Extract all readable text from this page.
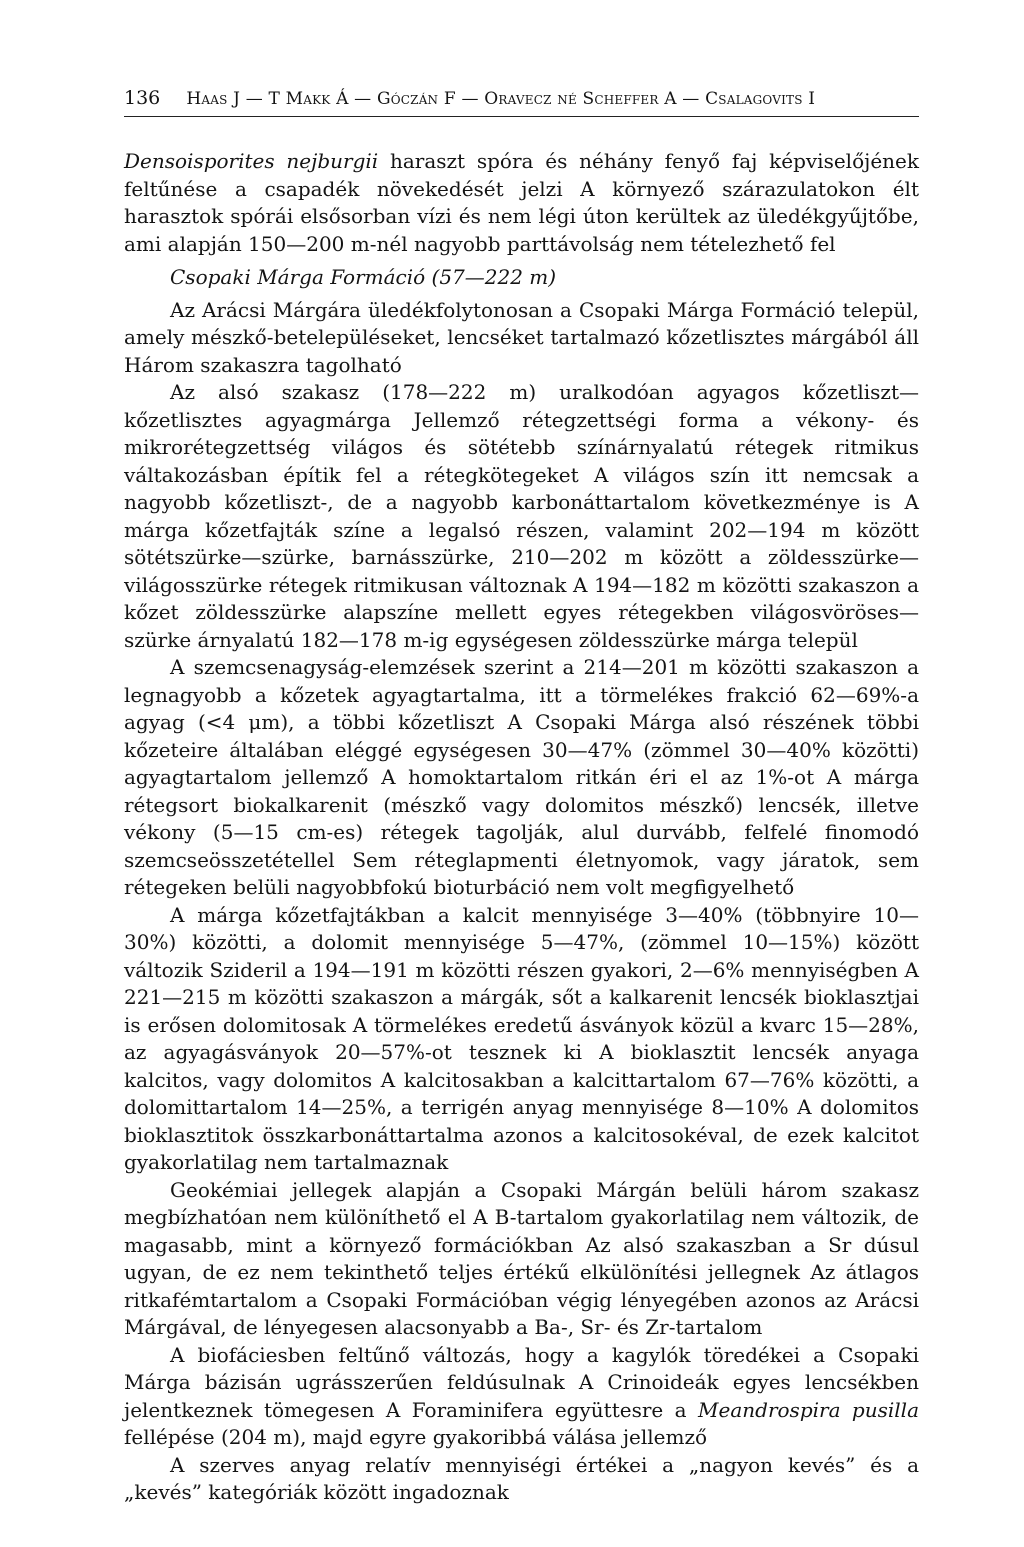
136 Haas J — T Makk Á — Góczán F — Oravecz né Scheffer A — Csalagovits I

Densoisporites nejburgii haraszt spóra és néhány fenyő faj képviselőjének feltűnése a csapadék növekedését jelzi A környező szárazulatokon élt harasztok spórái elsősorban vízi és nem légi úton kerültek az üledékgyűjtőbe, ami alapján 150—200 m-nél nagyobb parttávolság nem tételezhető fel

Csopaki Márga Formáció (57—222 m)

Az Arácsi Márgára üledékfolytonosan a Csopaki Márga Formáció települ, amely mészkő-betelepüléseket, lencséket tartalmazó kőzetlisztes márgából áll Három szakaszra tagolható

Az alsó szakasz (178—222 m) uralkodóan agyagos kőzetliszt—kőzetlisztes agyagmárga Jellemző rétegzettségi forma a vékony- és mikrorétegzettség világos és sötétebb színárnyalatú rétegek ritmikus váltakozásban építik fel a rétegkötegeket A világos szín itt nemcsak a nagyobb kőzetliszt-, de a nagyobb karbonáttartalom következménye is A márga kőzetfajták színe a legalsó részen, valamint 202—194 m között sötétszürke—szürke, barnásszürke, 210—202 m között a zöldesszürke—világosszürke rétegek ritmikusan változnak A 194—182 m közötti szakaszon a kőzet zöldesszürke alapszíne mellett egyes rétegekben világosvöröses—szürke árnyalatú 182—178 m-ig egységesen zöldesszürke márga települ

A szemcsenagyság-elemzések szerint a 214—201 m közötti szakaszon a legnagyobb a kőzetek agyagtartalma, itt a törmelékes frakció 62—69%-a agyag (<4 μm), a többi kőzetliszt A Csopaki Márga alsó részének többi kőzeteire általában eléggé egységesen 30—47% (zömmel 30—40% közötti) agyagtartalom jellemző A homoktartalom ritkán éri el az 1%-ot A márga rétegsort biokalkarenit (mészkő vagy dolomitos mészkő) lencsék, illetve vékony (5—15 cm-es) rétegek tagolják, alul durvább, felfelé finomodó szemcseösszetétellel Sem réteglapmenti életnyomok, vagy járatok, sem rétegeken belüli nagyobbfokú bioturbáció nem volt megfigyelhető

A márga kőzetfajtákban a kalcit mennyisége 3—40% (többnyire 10—30%) közötti, a dolomit mennyisége 5—47%, (zömmel 10—15%) között változik Szideril a 194—191 m közötti részen gyakori, 2—6% mennyiségben A 221—215 m közötti szakaszon a márgák, sőt a kalkarenit lencsék bioklasztjai is erősen dolomitosak A törmelékes eredetű ásványok közül a kvarc 15—28%, az agyagásványok 20—57%-ot tesznek ki A bioklasztit lencsék anyaga kalcitos, vagy dolomitos A kalcitosakban a kalcittartalom 67—76% közötti, a dolomittartalom 14—25%, a terrigén anyag mennyisége 8—10% A dolomitos bioklasztitok összkarbonáttartalma azonos a kalcitosokéval, de ezek kalcitot gyakorlatilag nem tartalmaznak

Geokémiai jellegek alapján a Csopaki Márgán belüli három szakasz megbízhatóan nem különíthető el A B-tartalom gyakorlatilag nem változik, de magasabb, mint a környező formációkban Az alsó szakaszban a Sr dúsul ugyan, de ez nem tekinthető teljes értékű elkülönítési jellegnek Az átlagos ritkafémtartalom a Csopaki Formációban végig lényegében azonos az Arácsi Márgával, de lényegesen alacsonyabb a Ba-, Sr- és Zr-tartalom

A biofáciesben feltűnő változás, hogy a kagylók töredékei a Csopaki Márga bázisán ugrásszerűen feldúsulnak A Crinoideák egyes lencsékben jelentkeznek tömegesen A Foraminifera együttesre a Meandrospira pusilla fellépése (204 m), majd egyre gyakoribbá válása jellemző

A szerves anyag relatív mennyiségi értékei a „nagyon kevés” és a „kevés” kategóriák között ingadoznak
